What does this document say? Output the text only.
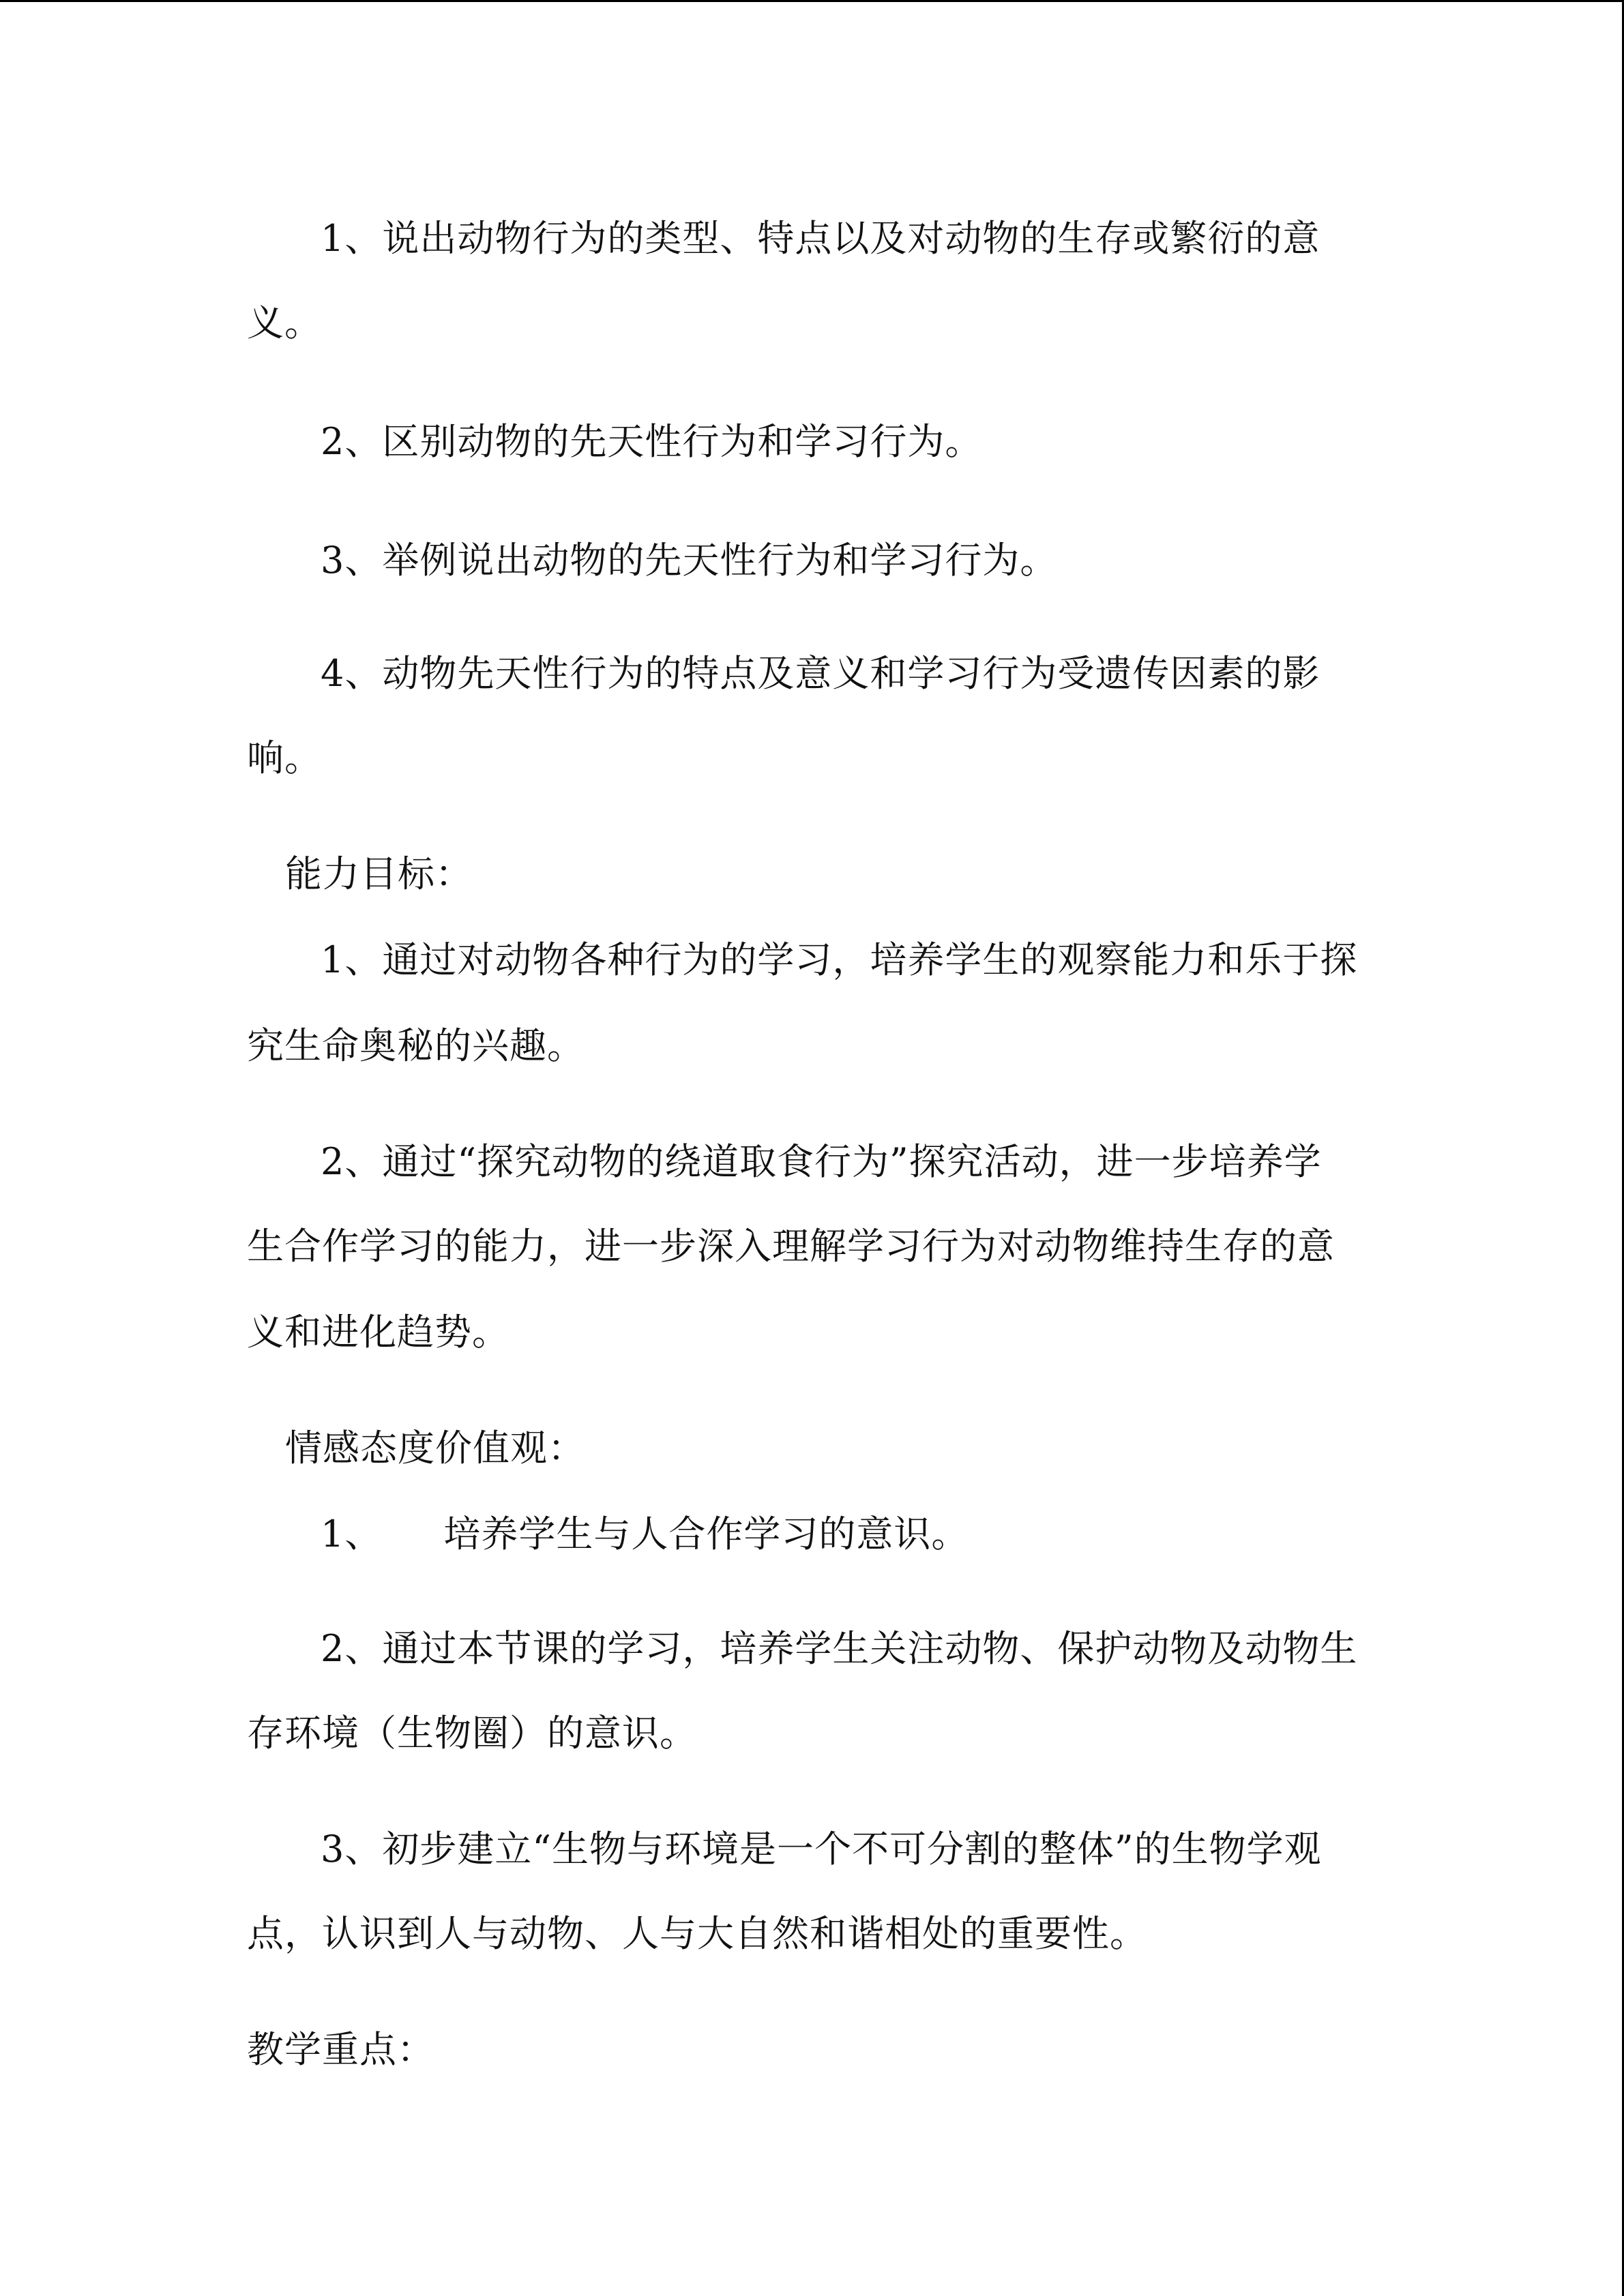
1、说出动物行为的类型、特点以及对动物的生存或繁衍的意
义。
2、区别动物的先天性行为和学习行为。
3、举例说出动物的先天性行为和学习行为。
4、动物先天性行为的特点及意义和学习行为受遗传因素的影
响。
能力目标：
1、通过对动物各种行为的学习，培养学生的观察能力和乐于探
究生命奥秘的兴趣。
2、通过“探究动物的绕道取食行为”探究活动，进一步培养学
生合作学习的能力，进一步深入理解学习行为对动物维持生存的意
义和进化趋势。
情感态度价值观：
1、 培养学生与人合作学习的意识。
2、通过本节课的学习，培养学生关注动物、保护动物及动物生
存环境（生物圈）的意识。
3、初步建立“生物与环境是一个不可分割的整体”的生物学观
点，认识到人与动物、人与大自然和谐相处的重要性。
教学重点：
